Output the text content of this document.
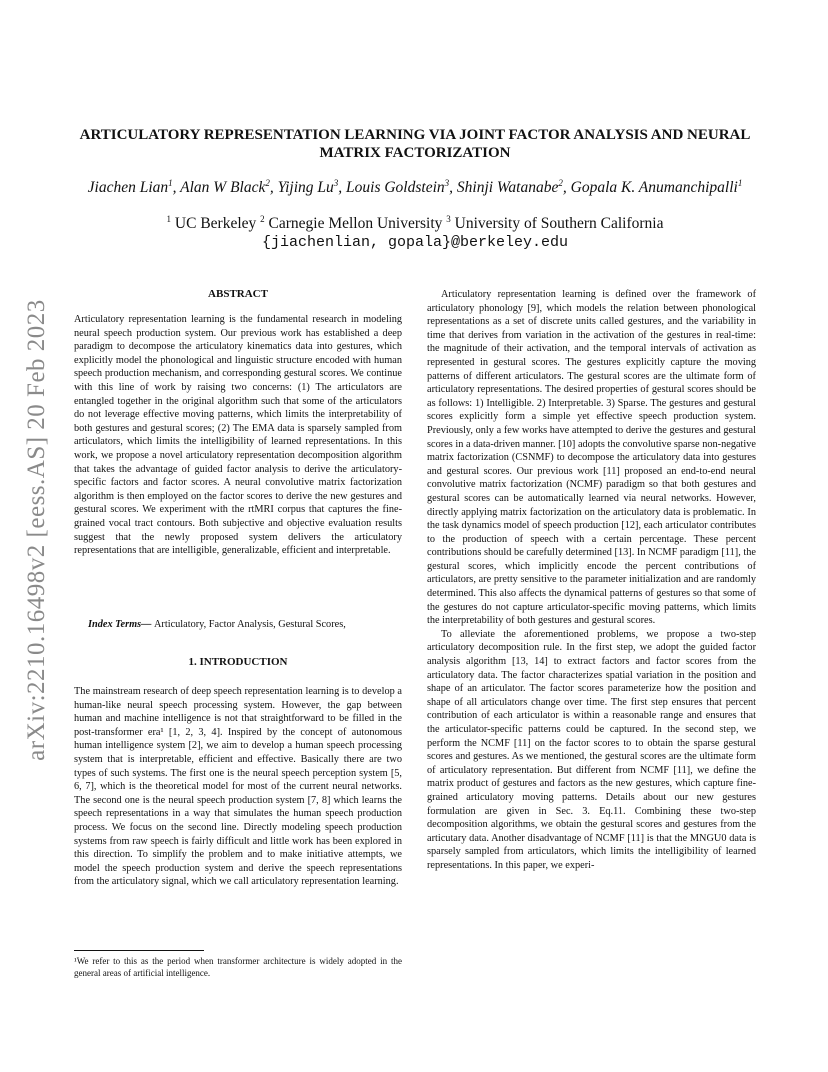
arXiv:2210.16498v2 [eess.AS] 20 Feb 2023
ARTICULATORY REPRESENTATION LEARNING VIA JOINT FACTOR ANALYSIS AND NEURAL MATRIX FACTORIZATION
Jiachen Lian$^1$, Alan W Black$^2$, Yijing Lu$^3$, Louis Goldstein$^3$, Shinji Watanabe$^2$, Gopala K. Anumanchipalli$^1$
$^1$ UC Berkeley $^2$ Carnegie Mellon University $^3$ University of Southern California
{jiachenlian, gopala}@berkeley.edu
ABSTRACT

Articulatory representation learning is the fundamental research in modeling neural speech production system. Our previous work has established a deep paradigm to decompose the articulatory kinematics data into gestures, which explicitly model the phonological and linguistic structure encoded with human speech production mechanism, and corresponding gestural scores. We continue with this line of work by raising two concerns: (1) The articulators are entangled together in the original algorithm such that some of the articulators do not leverage effective moving patterns, which limits the interpretability of both gestures and gestural scores; (2) The EMA data is sparsely sampled from articulators, which limits the intelligibility of learned representations. In this work, we propose a novel articulatory representation decomposition algorithm that takes the advantage of guided factor analysis to derive the articulatory-specific factors and factor scores. A neural convolutive matrix factorization algorithm is then employed on the factor scores to derive the new gestures and gestural scores. We experiment with the rtMRI corpus that captures the fine-grained vocal tract contours. Both subjective and objective evaluation results suggest that the newly proposed system delivers the articulatory representations that are intelligible, generalizable, efficient and interpretable.

Index Terms— Articulatory, Factor Analysis, Gestural Scores,

1. INTRODUCTION

The mainstream research of deep speech representation learning is to develop a human-like neural speech processing system. However, the gap between human and machine intelligence is not that straightforward to be filled in the post-transformer era¹ [1, 2, 3, 4]. Inspired by the concept of autonomous human intelligence system [2], we aim to develop a human speech processing system that is interpretable, efficient and effective. Basically there are two types of such systems. The first one is the neural speech perception system [5, 6, 7], which is the theoretical model for most of the current neural networks. The second one is the neural speech production system [7, 8] which learns the speech representations in a way that simulates the human speech production process. We focus on the second line. Directly modeling speech production systems from raw speech is fairly difficult and little work has been explored in this direction. To simplify the problem and to make initiative attempts, we model the speech production system and derive the speech representations from the articulatory signal, which we call articulatory representation learning.

¹We refer to this as the period when transformer architecture is widely adopted in the general areas of artificial intelligence.

Articulatory representation learning is defined over the framework of articulatory phonology [9], which models the relation between phonological representations as a set of discrete units called gestures, and the variability in time that derives from variation in the activation of the gestures in real-time: the magnitude of their activation, and the temporal intervals of activation as represented in gestural scores. The gestures explicitly capture the moving patterns of different articulators. The gestural scores are the ultimate form of articulatory representations. The desired properties of gestural scores should be as follows: 1) Intelligible. 2) Interpretable. 3) Sparse. The gestures and gestural scores explicitly form a simple yet effective speech production system. Previously, only a few works have attempted to derive the gestures and gestural scores in a data-driven manner. [10] adopts the convolutive sparse non-negative matrix factorization (CSNMF) to decompose the articulatory data into gestures and gestural scores. Our previous work [11] proposed an end-to-end neural convolutive matrix factorization (NCMF) paradigm so that both gestures and gestural scores can be automatically learned via neural networks. However, directly applying matrix factorization on the articulatory data is problematic. In the task dynamics model of speech production [12], each articulator contributes to the production of speech with a certain percentage. These percent contributions should be carefully determined [13]. In NCMF paradigm [11], the gestural scores, which implicitly encode the percent contributions of articulators, are pretty sensitive to the parameter initialization and are randomly determined. This also affects the dynamical patterns of gestures so that some of the gestures do not capture articulator-specific moving patterns, which limits the interpretability of both gestures and gestural scores.

To alleviate the aforementioned problems, we propose a two-step articulatory decomposition rule. In the first step, we adopt the guided factor analysis algorithm [13, 14] to extract factors and factor scores from the articulatory data. The factor characterizes spatial variation in the position and shape of an articulator. The factor scores parameterize how the position and shape of all articulators change over time. The first step ensures that percent contribution of each articulator is within a reasonable range and ensures that the articulator-specific patterns could be captured. In the second step, we perform the NCMF [11] on the factor scores to to obtain the sparse gestural scores and gestures. As we mentioned, the gestural scores are the ultimate form of articulatory representation. But different from NCMF [11], we define the matrix product of gestures and factors as the new gestures, which capture fine-grained articulatory moving patterns. Details about our new gestures formulation are given in Sec. 3. Eq.11. Combining these two-step decomposition algorithms, we obtain the gestural scores and gestures from the articutary data. Another disadvantage of NCMF [11] is that the MNGU0 data is sparsely sampled from articulators, which limits the intelligibility of learned representations. In this paper, we experi-
